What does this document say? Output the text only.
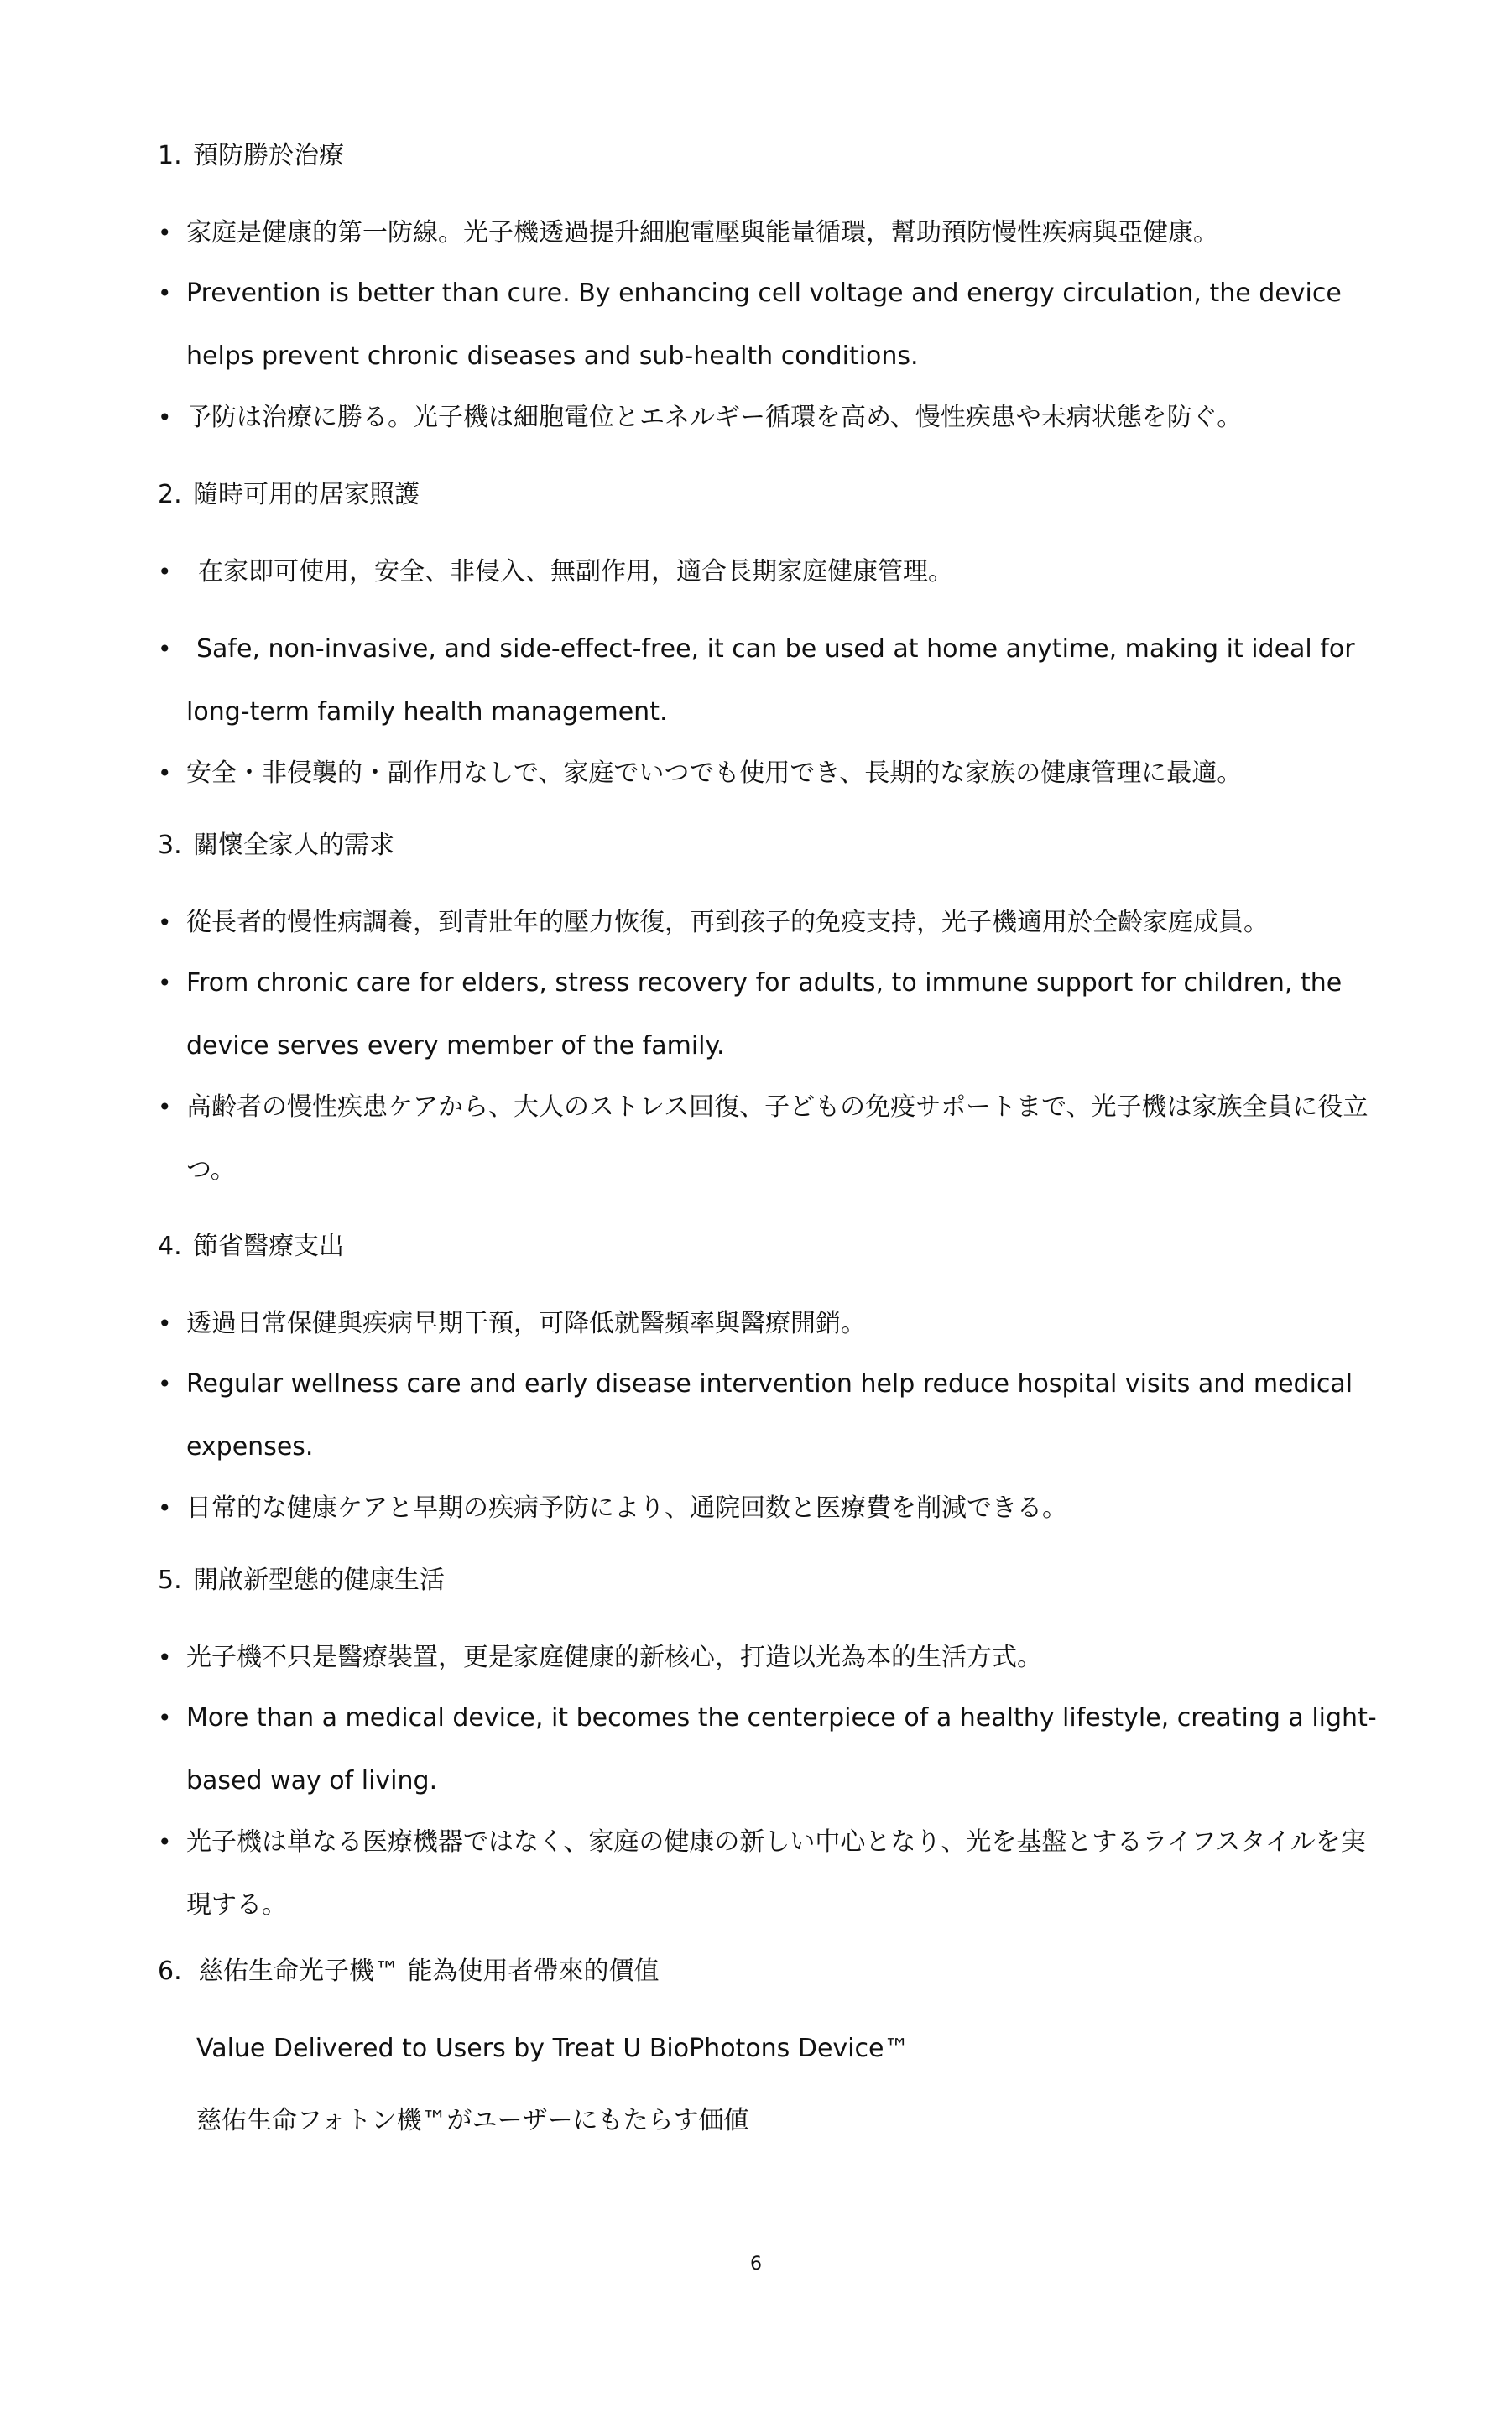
1. 預防勝於治療
• 家庭是健康的第一防線。光子機透過提升細胞電壓與能量循環，幫助預防慢性疾病與亞健康。
• Prevention is better than cure. By enhancing cell voltage and energy circulation, the device helps prevent chronic diseases and sub-health conditions.
• 予防は治療に勝る。光子機は細胞電位とエネルギー循環を高め、慢性疾患や未病状態を防ぐ。
2. 隨時可用的居家照護
•	在家即可使用，安全、非侵入、無副作用，適合長期家庭健康管理。
• Safe, non-invasive, and side-effect-free, it can be used at home anytime, making it ideal for long-term family health management.
• 安全・非侵襲的・副作用なしで、家庭でいつでも使用でき、長期的な家族の健康管理に最適。
3. 關懷全家人的需求
• 從長者的慢性病調養，到青壯年的壓力恢復，再到孩子的免疫支持，光子機適用於全齡家庭成員。
• From chronic care for elders, stress recovery for adults, to immune support for children, the device serves every member of the family.
• 高齢者の慢性疾患ケアから、大人のストレス回復、子どもの免疫サポートまで、光子機は家族全員に役立つ。
4. 節省醫療支出
• 透過日常保健與疾病早期干預，可降低就醫頻率與醫療開銷。
• Regular wellness care and early disease intervention help reduce hospital visits and medical expenses.
• 日常的な健康ケアと早期の疾病予防により、通院回数と医療費を削減できる。
5. 開啟新型態的健康生活
• 光子機不只是醫療裝置，更是家庭健康的新核心，打造以光為本的生活方式。
• More than a medical device, it becomes the centerpiece of a healthy lifestyle, creating a light-based way of living.
• 光子機は単なる医療機器ではなく、家庭の健康の新しい中心となり、光を基盤とするライフスタイルを実現する。
6. 慈佑生命光子機™ 能為使用者帶來的價值
Value Delivered to Users by Treat U BioPhotons Device™
慈佑生命フォトン機™がユーザーにもたらす価値
6
